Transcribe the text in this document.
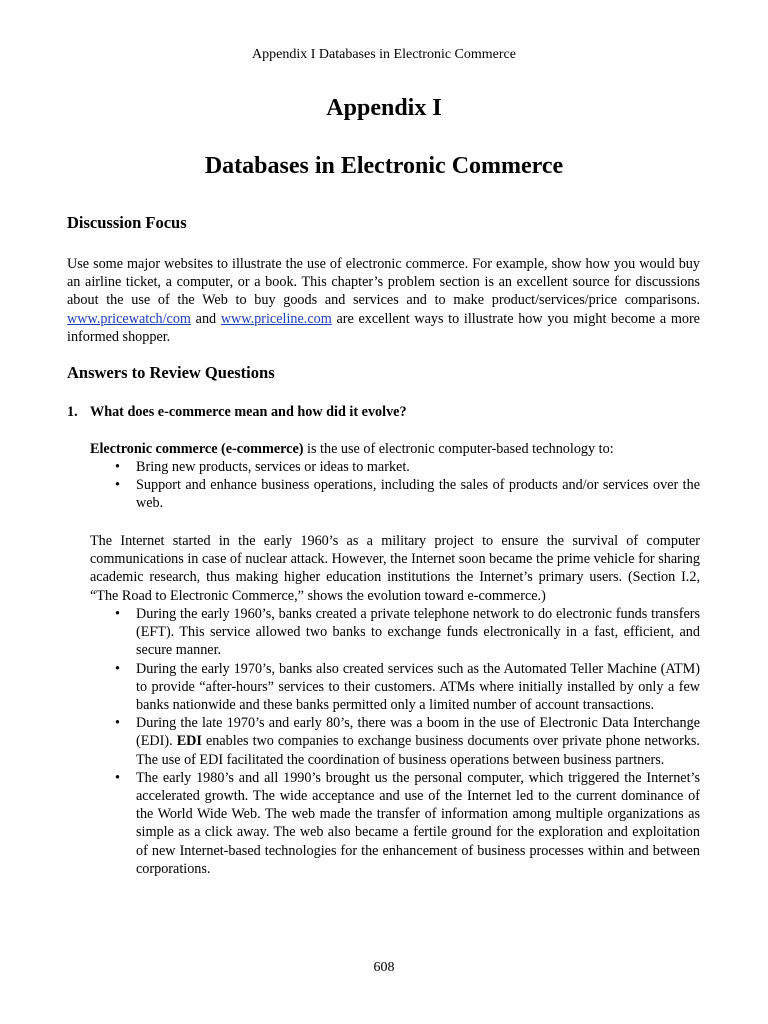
Appendix I Databases in Electronic Commerce
Appendix I
Databases in Electronic Commerce
Discussion Focus

Use some major websites to illustrate the use of electronic commerce. For example, show how you would buy an airline ticket, a computer, or a book. This chapter’s problem section is an excellent source for discussions about the use of the Web to buy goods and services and to make product/services/price comparisons. www.pricewatch/com and www.priceline.com are excellent ways to illustrate how you might become a more informed shopper.

Answers to Review Questions
1. What does e-commerce mean and how did it evolve?

Electronic commerce (e-commerce) is the use of electronic computer-based technology to:

• Bring new products, services or ideas to market.
• Support and enhance business operations, including the sales of products and/or services over the web.

The Internet started in the early 1960’s as a military project to ensure the survival of computer communications in case of nuclear attack. However, the Internet soon became the prime vehicle for sharing academic research, thus making higher education institutions the Internet’s primary users. (Section I.2, “The Road to Electronic Commerce,” shows the evolution toward e-commerce.)

• During the early 1960’s, banks created a private telephone network to do electronic funds transfers (EFT). This service allowed two banks to exchange funds electronically in a fast, efficient, and secure manner.
• During the early 1970’s, banks also created services such as the Automated Teller Machine (ATM) to provide “after-hours” services to their customers. ATMs where initially installed by only a few banks nationwide and these banks permitted only a limited number of account transactions.
• During the late 1970’s and early 80’s, there was a boom in the use of Electronic Data Interchange (EDI). EDI enables two companies to exchange business documents over private phone networks. The use of EDI facilitated the coordination of business operations between business partners.
• The early 1980’s and all 1990’s brought us the personal computer, which triggered the Internet’s accelerated growth. The wide acceptance and use of the Internet led to the current dominance of the World Wide Web. The web made the transfer of information among multiple organizations as simple as a click away. The web also became a fertile ground for the exploration and exploitation of new Internet-based technologies for the enhancement of business processes within and between corporations.
608
